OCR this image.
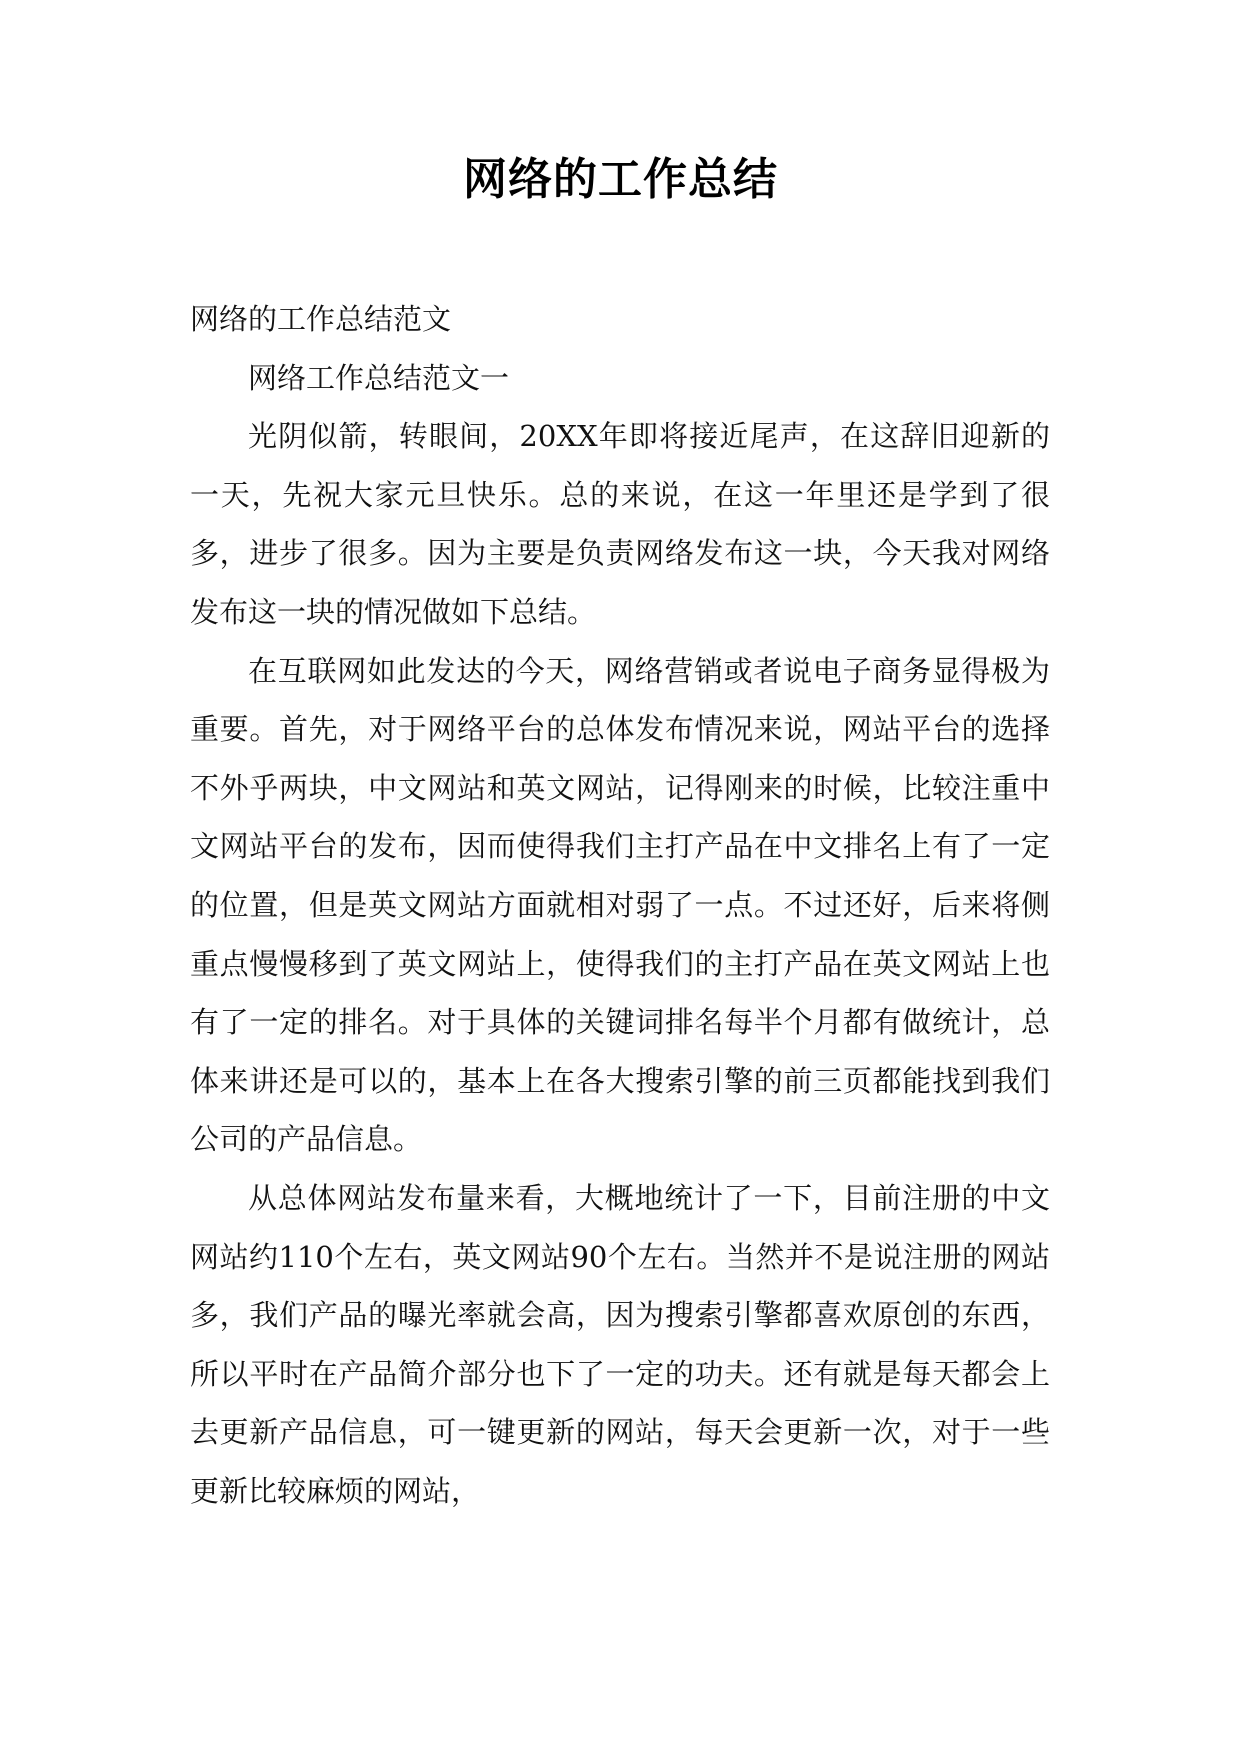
网络的工作总结

网络的工作总结范文

网络工作总结范文一

光阴似箭，转眼间，20XX年即将接近尾声，在这辞旧迎新的一天，先祝大家元旦快乐。总的来说，在这一年里还是学到了很多，进步了很多。因为主要是负责网络发布这一块，今天我对网络发布这一块的情况做如下总结。

在互联网如此发达的今天，网络营销或者说电子商务显得极为重要。首先，对于网络平台的总体发布情况来说，网站平台的选择不外乎两块，中文网站和英文网站，记得刚来的时候，比较注重中文网站平台的发布，因而使得我们主打产品在中文排名上有了一定的位置，但是英文网站方面就相对弱了一点。不过还好，后来将侧重点慢慢移到了英文网站上，使得我们的主打产品在英文网站上也有了一定的排名。对于具体的关键词排名每半个月都有做统计，总体来讲还是可以的，基本上在各大搜索引擎的前三页都能找到我们公司的产品信息。

从总体网站发布量来看，大概地统计了一下，目前注册的中文网站约110个左右，英文网站90个左右。当然并不是说注册的网站多，我们产品的曝光率就会高，因为搜索引擎都喜欢原创的东西，所以平时在产品简介部分也下了一定的功夫。还有就是每天都会上去更新产品信息，可一键更新的网站，每天会更新一次，对于一些更新比较麻烦的网站，
